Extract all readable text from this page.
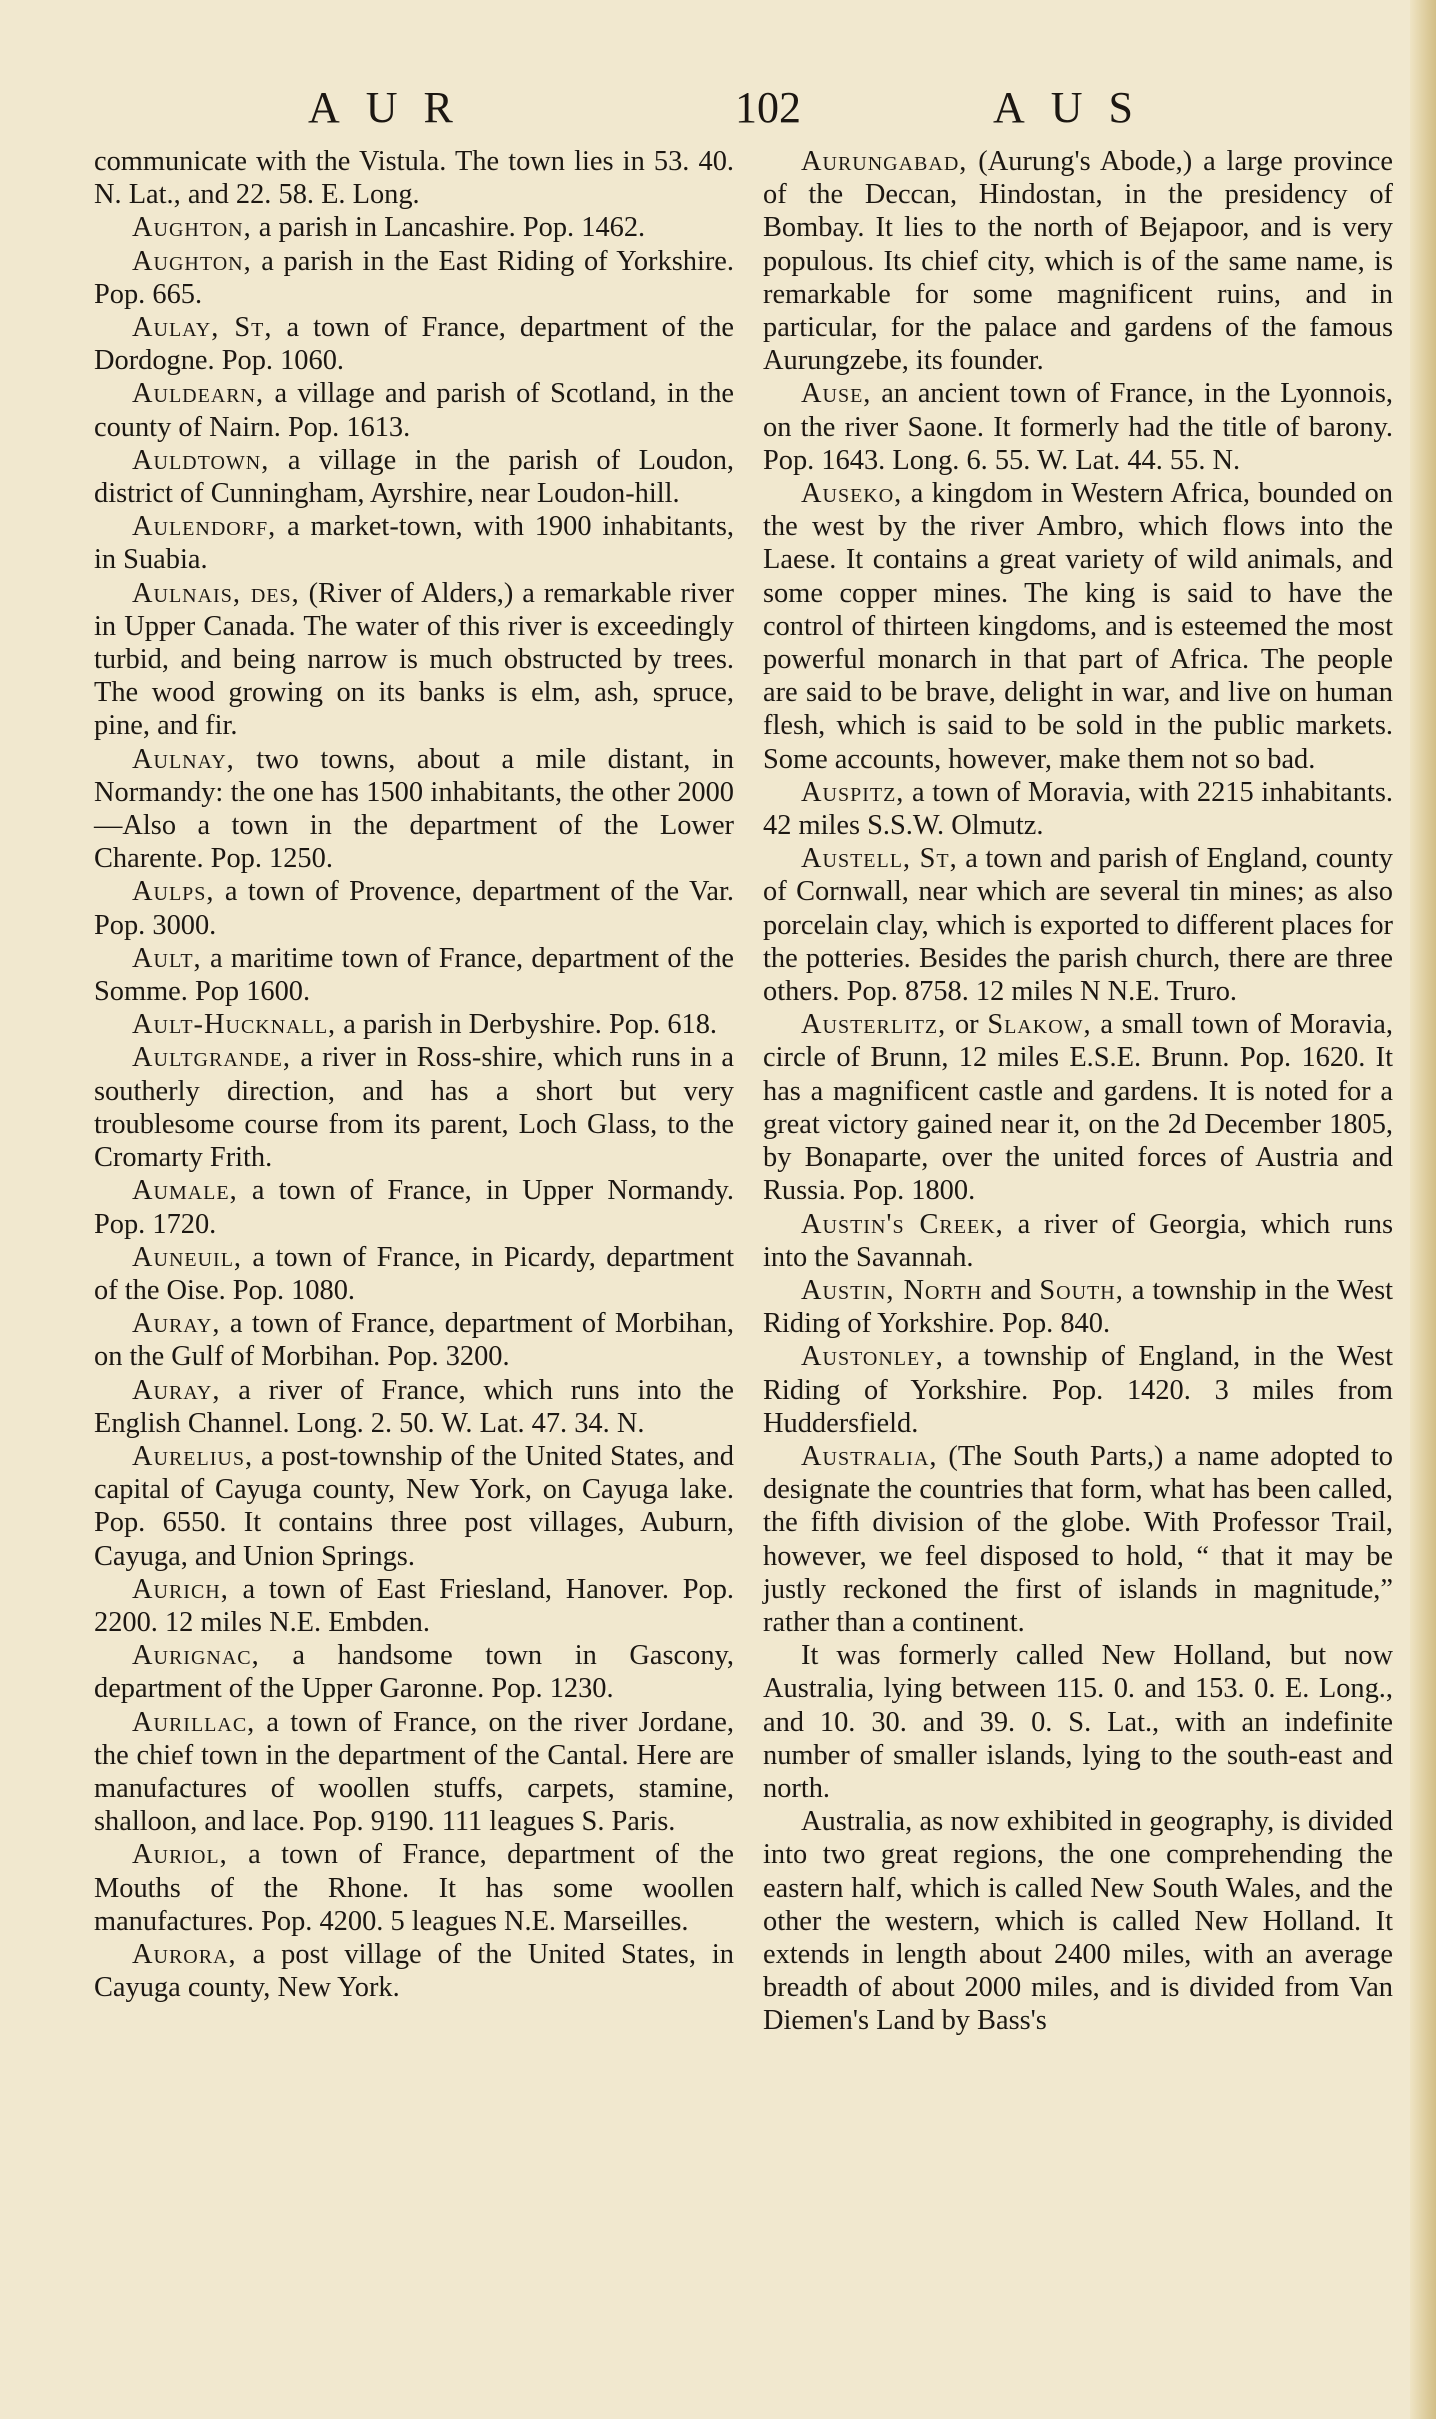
AUR	102	AUS

communicate with the Vistula. The town lies in 53. 40. N. Lat., and 22. 58. E. Long.

Aughton, a parish in Lancashire. Pop. 1462.

Aughton, a parish in the East Riding of Yorkshire. Pop. 665.

Aulay, St, a town of France, department of the Dordogne. Pop. 1060.

Auldearn, a village and parish of Scotland, in the county of Nairn. Pop. 1613.

Auldtown, a village in the parish of Loudon, district of Cunningham, Ayrshire, near Loudon-hill.

Aulendorf, a market-town, with 1900 inhabitants, in Suabia.

Aulnais, des, (River of Alders,) a remarkable river in Upper Canada. The water of this river is exceedingly turbid, and being narrow is much obstructed by trees. The wood growing on its banks is elm, ash, spruce, pine, and fir.

Aulnay, two towns, about a mile distant, in Normandy: the one has 1500 inhabitants, the other 2000 —Also a town in the department of the Lower Charente. Pop. 1250.

Aulps, a town of Provence, department of the Var. Pop. 3000.

Ault, a maritime town of France, department of the Somme. Pop 1600.

Ault-Hucknall, a parish in Derbyshire. Pop. 618.

Aultgrande, a river in Ross-shire, which runs in a southerly direction, and has a short but very troublesome course from its parent, Loch Glass, to the Cromarty Frith.

Aumale, a town of France, in Upper Normandy. Pop. 1720.

Auneuil, a town of France, in Picardy, department of the Oise. Pop. 1080.

Auray, a town of France, department of Morbihan, on the Gulf of Morbihan. Pop. 3200.

Auray, a river of France, which runs into the English Channel. Long. 2. 50. W. Lat. 47. 34. N.

Aurelius, a post-township of the United States, and capital of Cayuga county, New York, on Cayuga lake. Pop. 6550. It contains three post villages, Auburn, Cayuga, and Union Springs.

Aurich, a town of East Friesland, Hanover. Pop. 2200. 12 miles N.E. Embden.

Aurignac, a handsome town in Gascony, department of the Upper Garonne. Pop. 1230.

Aurillac, a town of France, on the river Jordane, the chief town in the department of the Cantal. Here are manufactures of woollen stuffs, carpets, stamine, shalloon, and lace. Pop. 9190. 111 leagues S. Paris.

Auriol, a town of France, department of the Mouths of the Rhone. It has some woollen manufactures. Pop. 4200. 5 leagues N.E. Marseilles.

Aurora, a post village of the United States, in Cayuga county, New York.

Aurungabad, (Aurung's Abode,) a large province of the Deccan, Hindostan, in the presidency of Bombay. It lies to the north of Bejapoor, and is very populous. Its chief city, which is of the same name, is remarkable for some magnificent ruins, and in particular, for the palace and gardens of the famous Aurungzebe, its founder.

Ause, an ancient town of France, in the Lyonnois, on the river Saone. It formerly had the title of barony. Pop. 1643. Long. 6. 55. W. Lat. 44. 55. N.

Auseko, a kingdom in Western Africa, bounded on the west by the river Ambro, which flows into the Laese. It contains a great variety of wild animals, and some copper mines. The king is said to have the control of thirteen kingdoms, and is esteemed the most powerful monarch in that part of Africa. The people are said to be brave, delight in war, and live on human flesh, which is said to be sold in the public markets. Some accounts, however, make them not so bad.

Auspitz, a town of Moravia, with 2215 inhabitants. 42 miles S.S.W. Olmutz.

Austell, St, a town and parish of England, county of Cornwall, near which are several tin mines; as also porcelain clay, which is exported to different places for the potteries. Besides the parish church, there are three others. Pop. 8758. 12 miles N N.E. Truro.

Austerlitz, or Slakow, a small town of Moravia, circle of Brunn, 12 miles E.S.E. Brunn. Pop. 1620. It has a magnificent castle and gardens. It is noted for a great victory gained near it, on the 2d December 1805, by Bonaparte, over the united forces of Austria and Russia. Pop. 1800.

Austin's Creek, a river of Georgia, which runs into the Savannah.

Austin, North and South, a township in the West Riding of Yorkshire. Pop. 840.

Austonley, a township of England, in the West Riding of Yorkshire. Pop. 1420. 3 miles from Huddersfield.

Australia, (The South Parts,) a name adopted to designate the countries that form, what has been called, the fifth division of the globe. With Professor Trail, however, we feel disposed to hold, “ that it may be justly reckoned the first of islands in magnitude,” rather than a continent.

It was formerly called New Holland, but now Australia, lying between 115. 0. and 153. 0. E. Long., and 10. 30. and 39. 0. S. Lat., with an indefinite number of smaller islands, lying to the south-east and north.

Australia, as now exhibited in geography, is divided into two great regions, the one comprehending the eastern half, which is called New South Wales, and the other the western, which is called New Holland. It extends in length about 2400 miles, with an average breadth of about 2000 miles, and is divided from Van Diemen's Land by Bass's
